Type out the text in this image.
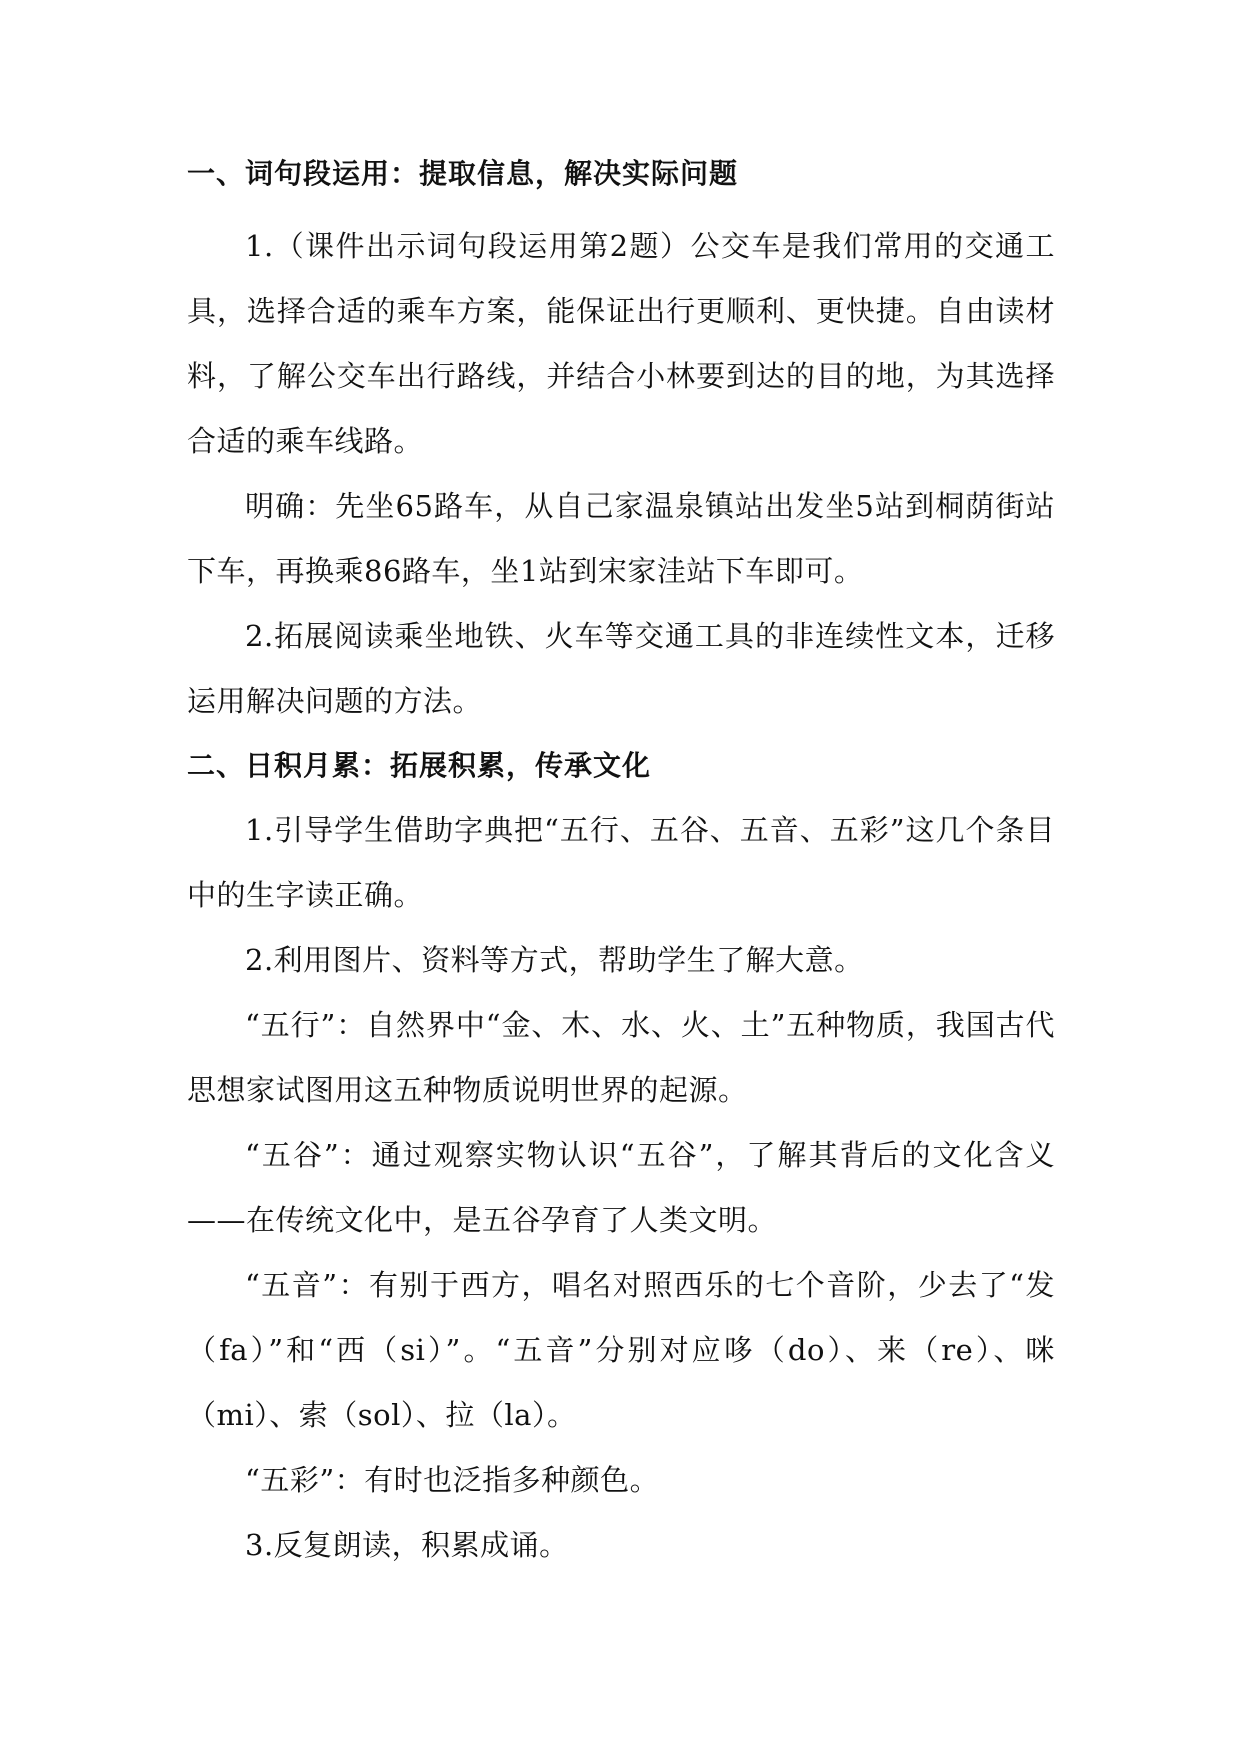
一、词句段运用：提取信息，解决实际问题

1.（课件出示词句段运用第2题）公交车是我们常用的交通工具，选择合适的乘车方案，能保证出行更顺利、更快捷。自由读材料，了解公交车出行路线，并结合小林要到达的目的地，为其选择合适的乘车线路。

明确：先坐65路车，从自己家温泉镇站出发坐5站到桐荫街站下车，再换乘86路车，坐1站到宋家洼站下车即可。

2.拓展阅读乘坐地铁、火车等交通工具的非连续性文本，迁移运用解决问题的方法。

二、日积月累：拓展积累，传承文化

1.引导学生借助字典把“五行、五谷、五音、五彩”这几个条目中的生字读正确。

2.利用图片、资料等方式，帮助学生了解大意。

“五行”：自然界中“金、木、水、火、土”五种物质，我国古代思想家试图用这五种物质说明世界的起源。

“五谷”：通过观察实物认识“五谷”，了解其背后的文化含义——在传统文化中，是五谷孕育了人类文明。

“五音”：有别于西方，唱名对照西乐的七个音阶，少去了“发（fa）”和“西（si）”。“五音”分别对应哆（do）、来（re）、咪（mi）、索（sol）、拉（la）。

“五彩”：有时也泛指多种颜色。

3.反复朗读，积累成诵。
